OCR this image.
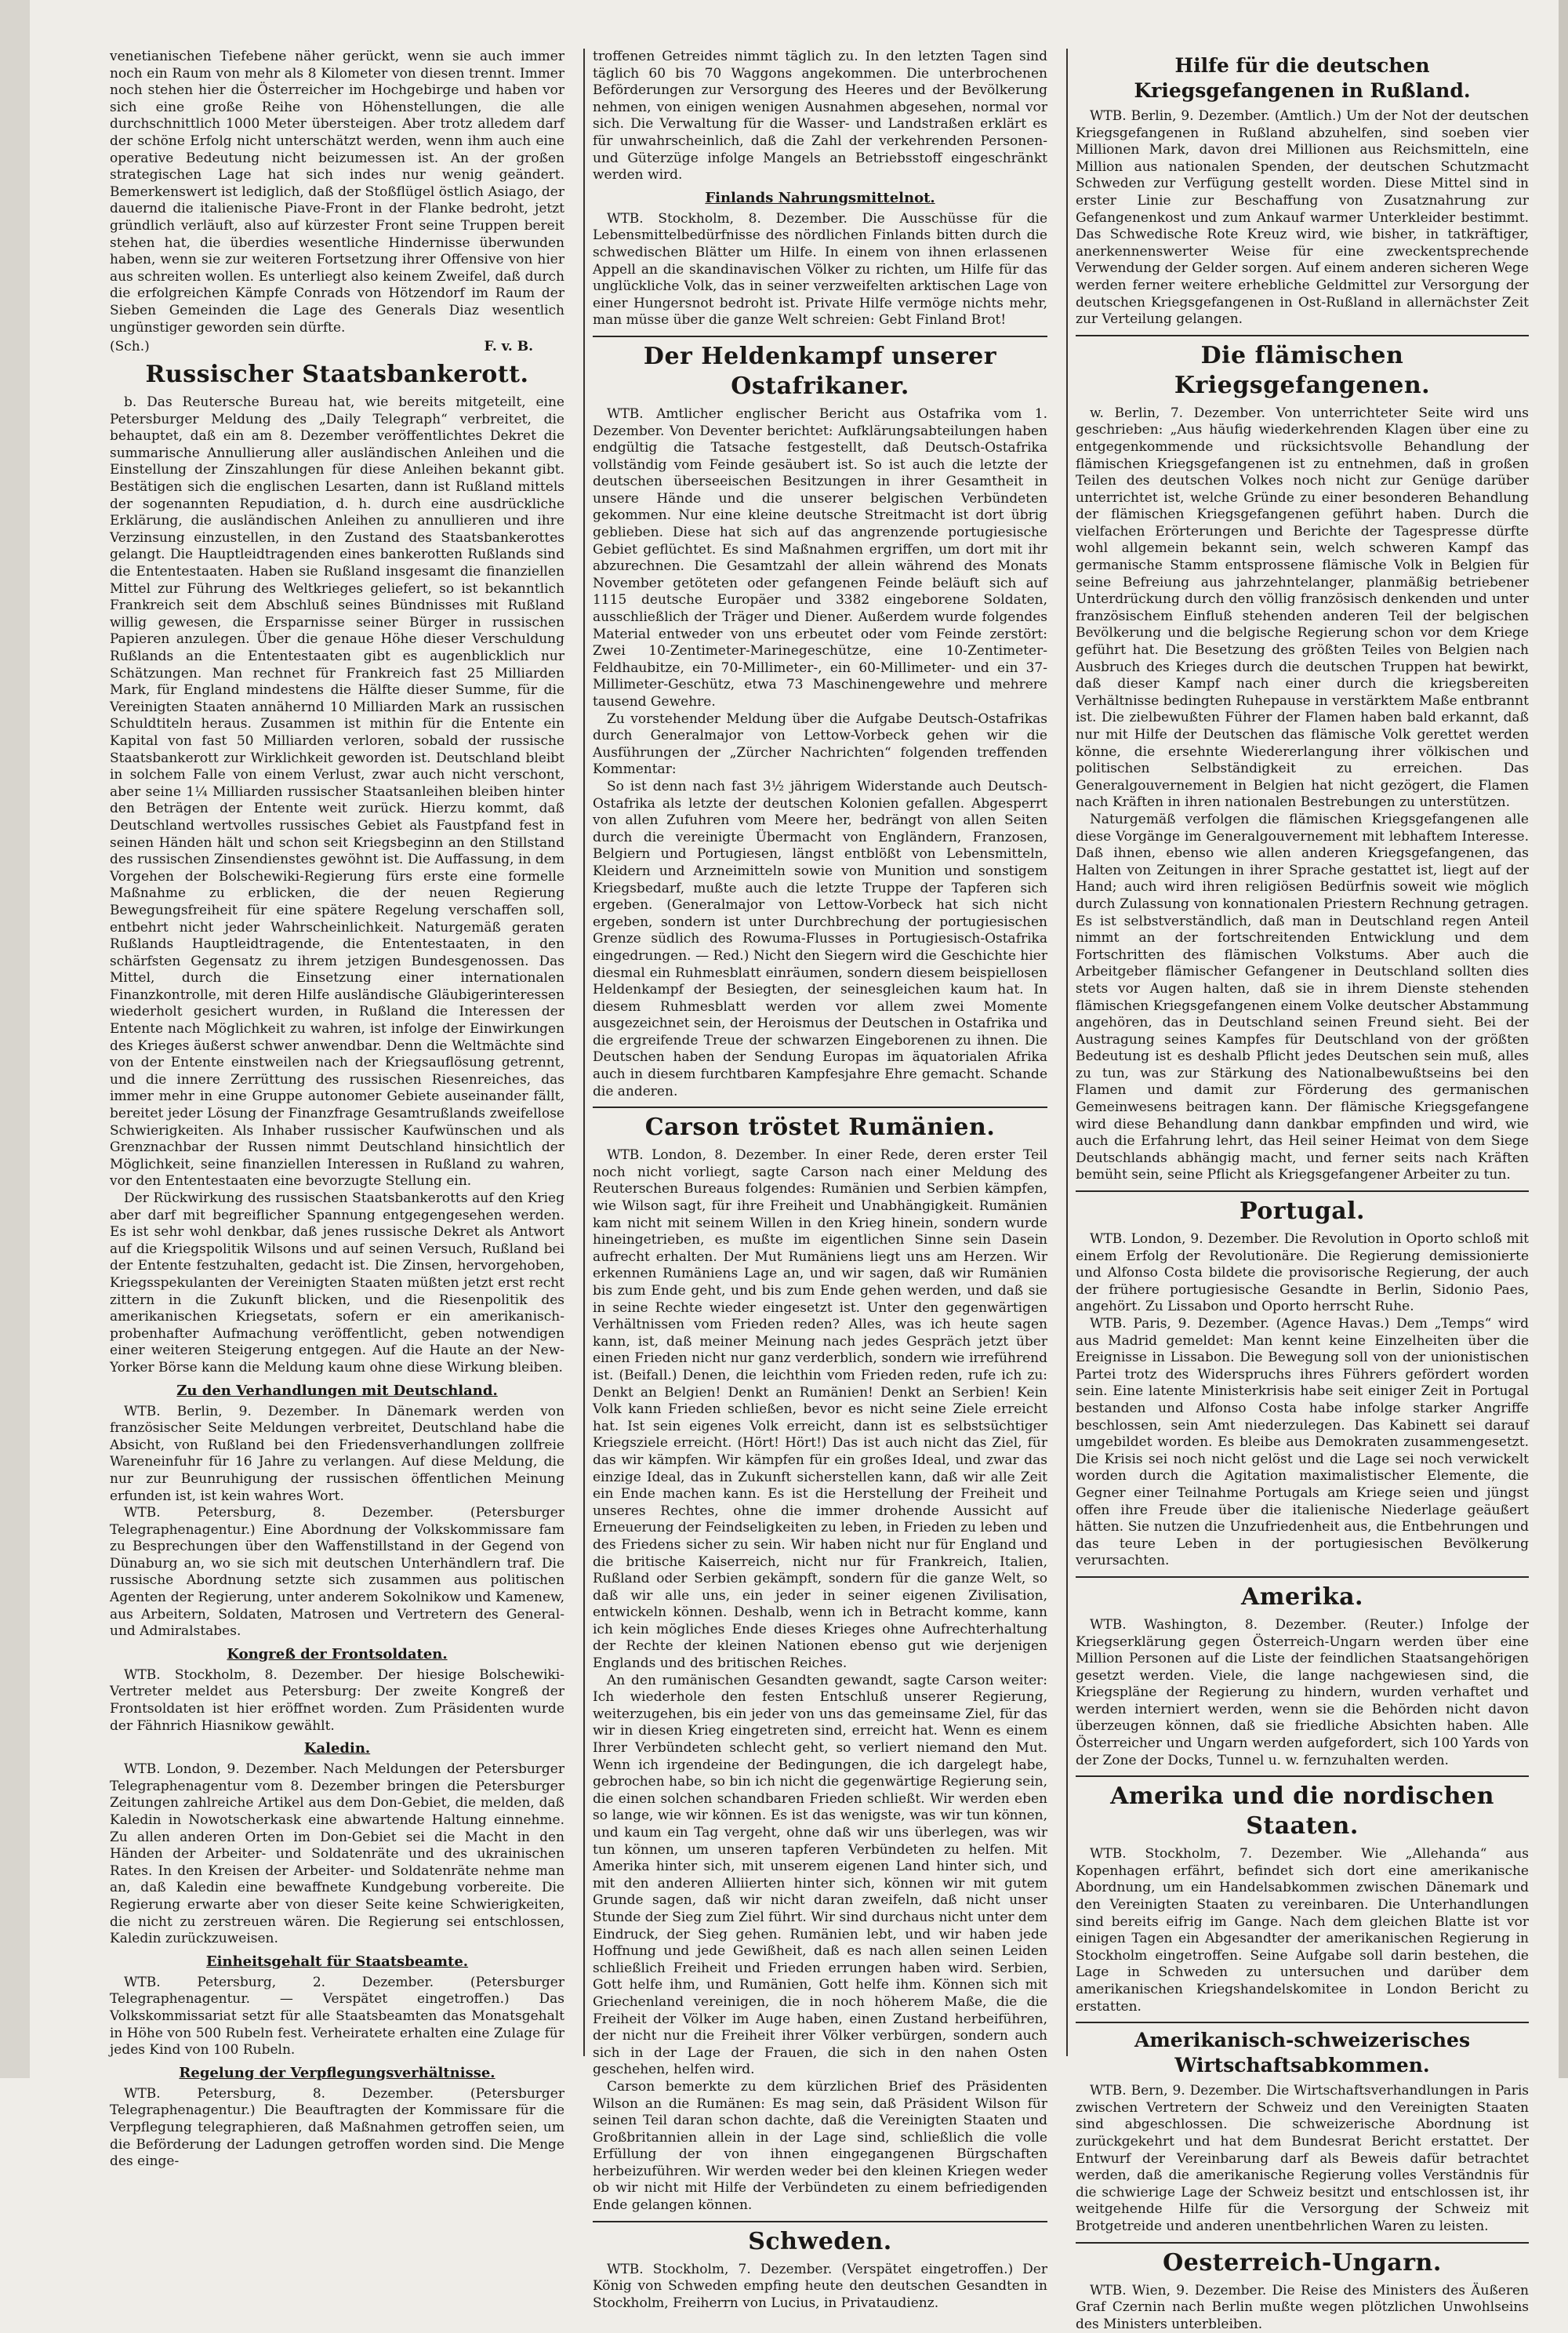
venetianischen Tiefebene näher gerückt, wenn sie auch immer noch ein Raum von mehr als 8 Kilometer von diesen trennt. Immer noch stehen hier die Österreicher im Hochgebirge und haben vor sich eine große Reihe von Höhenstellungen, die alle durchschnittlich 1000 Meter übersteigen. Aber trotz alledem darf der schöne Erfolg nicht unterschätzt werden, wenn ihm auch eine operative Bedeutung nicht beizumessen ist. An der großen strategischen Lage hat sich indes nur wenig geändert. Bemerkenswert ist lediglich, daß der Stoßflügel östlich Asiago, der dauernd die italienische Piave-Front in der Flanke bedroht, jetzt gründlich verläuft, also auf kürzester Front seine Truppen bereit stehen hat, die überdies wesentliche Hindernisse überwunden haben, wenn sie zur weiteren Fortsetzung ihrer Offensive von hier aus schreiten wollen. Es unterliegt also keinem Zweifel, daß durch die erfolgreichen Kämpfe Conrads von Hötzendorf im Raum der Sieben Gemeinden die Lage des Generals Diaz wesentlich ungünstiger geworden sein dürfte.

(Sch.)	F. v. B.
Russischer Staatsbankerott.

b. Das Reutersche Bureau hat, wie bereits mitgeteilt, eine Petersburger Meldung des „Daily Telegraph“ verbreitet, die behauptet, daß ein am 8. Dezember veröffentlichtes Dekret die summarische Annullierung aller ausländischen Anleihen und die Einstellung der Zinszahlungen für diese Anleihen bekannt gibt. Bestätigen sich die englischen Lesarten, dann ist Rußland mittels der sogenannten Repudiation, d. h. durch eine ausdrückliche Erklärung, die ausländischen Anleihen zu annullieren und ihre Verzinsung einzustellen, in den Zustand des Staatsbankerottes gelangt. Die Hauptleidtragenden eines bankerotten Rußlands sind die Ententestaaten. Haben sie Rußland insgesamt die finanziellen Mittel zur Führung des Weltkrieges geliefert, so ist bekanntlich Frankreich seit dem Abschluß seines Bündnisses mit Rußland willig gewesen, die Ersparnisse seiner Bürger in russischen Papieren anzulegen. Über die genaue Höhe dieser Verschuldung Rußlands an die Ententestaaten gibt es augenblicklich nur Schätzungen. Man rechnet für Frankreich fast 25 Milliarden Mark, für England mindestens die Hälfte dieser Summe, für die Vereinigten Staaten annähernd 10 Milliarden Mark an russischen Schuldtiteln heraus. Zusammen ist mithin für die Entente ein Kapital von fast 50 Milliarden verloren, sobald der russische Staatsbankerott zur Wirklichkeit geworden ist. Deutschland bleibt in solchem Falle von einem Verlust, zwar auch nicht verschont, aber seine 1¼ Milliarden russischer Staatsanleihen bleiben hinter den Beträgen der Entente weit zurück. Hierzu kommt, daß Deutschland wertvolles russisches Gebiet als Faustpfand fest in seinen Händen hält und schon seit Kriegsbeginn an den Stillstand des russischen Zinsendienstes gewöhnt ist. Die Auffassung, in dem Vorgehen der Bolschewiki-Regierung fürs erste eine formelle Maßnahme zu erblicken, die der neuen Regierung Bewegungsfreiheit für eine spätere Regelung verschaffen soll, entbehrt nicht jeder Wahrscheinlichkeit. Naturgemäß geraten Rußlands Hauptleidtragende, die Ententestaaten, in den schärfsten Gegensatz zu ihrem jetzigen Bundesgenossen. Das Mittel, durch die Einsetzung einer internationalen Finanzkontrolle, mit deren Hilfe ausländische Gläubigerinteressen wiederholt gesichert wurden, in Rußland die Interessen der Entente nach Möglichkeit zu wahren, ist infolge der Einwirkungen des Krieges äußerst schwer anwendbar. Denn die Weltmächte sind von der Entente einstweilen nach der Kriegsauflösung getrennt, und die innere Zerrüttung des russischen Riesenreiches, das immer mehr in eine Gruppe autonomer Gebiete auseinander fällt, bereitet jeder Lösung der Finanzfrage Gesamtrußlands zweifellose Schwierigkeiten. Als Inhaber russischer Kaufwünschen und als Grenznachbar der Russen nimmt Deutschland hinsichtlich der Möglichkeit, seine finanziellen Interessen in Rußland zu wahren, vor den Ententestaaten eine bevorzugte Stellung ein.

Der Rückwirkung des russischen Staatsbankerotts auf den Krieg aber darf mit begreiflicher Spannung entgegengesehen werden. Es ist sehr wohl denkbar, daß jenes russische Dekret als Antwort auf die Kriegspolitik Wilsons und auf seinen Versuch, Rußland bei der Entente festzuhalten, gedacht ist. Die Zinsen, hervorgehoben, Kriegsspekulanten der Vereinigten Staaten müßten jetzt erst recht zittern in die Zukunft blicken, und die Riesenpolitik des amerikanischen Kriegsetats, sofern er ein amerikanisch-probenhafter Aufmachung veröffentlicht, geben notwendigen einer weiteren Steigerung entgegen. Auf die Haute an der New-Yorker Börse kann die Meldung kaum ohne diese Wirkung bleiben.

Zu den Verhandlungen mit Deutschland.

WTB. Berlin, 9. Dezember. In Dänemark werden von französischer Seite Meldungen verbreitet, Deutschland habe die Absicht, von Rußland bei den Friedensverhandlungen zollfreie Wareneinfuhr für 16 Jahre zu verlangen. Auf diese Meldung, die nur zur Beunruhigung der russischen öffentlichen Meinung erfunden ist, ist kein wahres Wort.

WTB. Petersburg, 8. Dezember. (Petersburger Telegraphenagentur.) Eine Abordnung der Volkskommissare fam zu Besprechungen über den Waffenstillstand in der Gegend von Dünaburg an, wo sie sich mit deutschen Unterhändlern traf. Die russische Abordnung setzte sich zusammen aus politischen Agenten der Regierung, unter anderem Sokolnikow und Kamenew, aus Arbeitern, Soldaten, Matrosen und Vertretern des General- und Admiralstabes.

Kongreß der Frontsoldaten.

WTB. Stockholm, 8. Dezember. Der hiesige Bolschewiki-Vertreter meldet aus Petersburg: Der zweite Kongreß der Frontsoldaten ist hier eröffnet worden. Zum Präsidenten wurde der Fähnrich Hiasnikow gewählt.

Kaledin.

WTB. London, 9. Dezember. Nach Meldungen der Petersburger Telegraphenagentur vom 8. Dezember bringen die Petersburger Zeitungen zahlreiche Artikel aus dem Don-Gebiet, die melden, daß Kaledin in Nowotscherkask eine abwartende Haltung einnehme. Zu allen anderen Orten im Don-Gebiet sei die Macht in den Händen der Arbeiter- und Soldatenräte und des ukrainischen Rates. In den Kreisen der Arbeiter- und Soldatenräte nehme man an, daß Kaledin eine bewaffnete Kundgebung vorbereite. Die Regierung erwarte aber von dieser Seite keine Schwierigkeiten, die nicht zu zerstreuen wären. Die Regierung sei entschlossen, Kaledin zurückzuweisen.

Einheitsgehalt für Staatsbeamte.

WTB. Petersburg, 2. Dezember. (Petersburger Telegraphenagentur. — Verspätet eingetroffen.) Das Volkskommissariat setzt für alle Staatsbeamten das Monatsgehalt in Höhe von 500 Rubeln fest. Verheiratete erhalten eine Zulage für jedes Kind von 100 Rubeln.

Regelung der Verpflegungsverhältnisse.

WTB. Petersburg, 8. Dezember. (Petersburger Telegraphenagentur.) Die Beauftragten der Kommissare für die Verpflegung telegraphieren, daß Maßnahmen getroffen seien, um die Beförderung der Ladungen getroffen worden sind. Die Menge des einge-

troffenen Getreides nimmt täglich zu. In den letzten Tagen sind täglich 60 bis 70 Waggons angekommen. Die unterbrochenen Beförderungen zur Versorgung des Heeres und der Bevölkerung nehmen, von einigen wenigen Ausnahmen abgesehen, normal vor sich. Die Verwaltung für die Wasser- und Landstraßen erklärt es für unwahrscheinlich, daß die Zahl der verkehrenden Personen- und Güterzüge infolge Mangels an Betriebsstoff eingeschränkt werden wird.

Finlands Nahrungsmittelnot.

WTB. Stockholm, 8. Dezember. Die Ausschüsse für die Lebensmittelbedürfnisse des nördlichen Finlands bitten durch die schwedischen Blätter um Hilfe. In einem von ihnen erlassenen Appell an die skandinavischen Völker zu richten, um Hilfe für das unglückliche Volk, das in seiner verzweifelten arktischen Lage von einer Hungersnot bedroht ist. Private Hilfe vermöge nichts mehr, man müsse über die ganze Welt schreien: Gebt Finland Brot!

Der Heldenkampf unserer Ostafrikaner.

WTB. Amtlicher englischer Bericht aus Ostafrika vom 1. Dezember. Von Deventer berichtet: Aufklärungsabteilungen haben endgültig die Tatsache festgestellt, daß Deutsch-Ostafrika vollständig vom Feinde gesäubert ist. So ist auch die letzte der deutschen überseeischen Besitzungen in ihrer Gesamtheit in unsere Hände und die unserer belgischen Verbündeten gekommen. Nur eine kleine deutsche Streitmacht ist dort übrig geblieben. Diese hat sich auf das angrenzende portugiesische Gebiet geflüchtet. Es sind Maßnahmen ergriffen, um dort mit ihr abzurechnen. Die Gesamtzahl der allein während des Monats November getöteten oder gefangenen Feinde beläuft sich auf 1115 deutsche Europäer und 3382 eingeborene Soldaten, ausschließlich der Träger und Diener. Außerdem wurde folgendes Material entweder von uns erbeutet oder vom Feinde zerstört: Zwei 10-Zentimeter-Marinegeschütze, eine 10-Zentimeter-Feldhaubitze, ein 70-Millimeter-, ein 60-Millimeter- und ein 37-Millimeter-Geschütz, etwa 73 Maschinengewehre und mehrere tausend Gewehre.

Zu vorstehender Meldung über die Aufgabe Deutsch-Ostafrikas durch Generalmajor von Lettow-Vorbeck gehen wir die Ausführungen der „Zürcher Nachrichten“ folgenden treffenden Kommentar:

So ist denn nach fast 3½ jährigem Widerstande auch Deutsch-Ostafrika als letzte der deutschen Kolonien gefallen. Abgesperrt von allen Zufuhren vom Meere her, bedrängt von allen Seiten durch die vereinigte Übermacht von Engländern, Franzosen, Belgiern und Portugiesen, längst entblößt von Lebensmitteln, Kleidern und Arzneimitteln sowie von Munition und sonstigem Kriegsbedarf, mußte auch die letzte Truppe der Tapferen sich ergeben. (Generalmajor von Lettow-Vorbeck hat sich nicht ergeben, sondern ist unter Durchbrechung der portugiesischen Grenze südlich des Rowuma-Flusses in Portugiesisch-Ostafrika eingedrungen. — Red.) Nicht den Siegern wird die Geschichte hier diesmal ein Ruhmesblatt einräumen, sondern diesem beispiellosen Heldenkampf der Besiegten, der seinesgleichen kaum hat. In diesem Ruhmesblatt werden vor allem zwei Momente ausgezeichnet sein, der Heroismus der Deutschen in Ostafrika und die ergreifende Treue der schwarzen Eingeborenen zu ihnen. Die Deutschen haben der Sendung Europas im äquatorialen Afrika auch in diesem furchtbaren Kampfesjahre Ehre gemacht. Schande die anderen.

Carson tröstet Rumänien.

WTB. London, 8. Dezember. In einer Rede, deren erster Teil noch nicht vorliegt, sagte Carson nach einer Meldung des Reuterschen Bureaus folgendes: Rumänien und Serbien kämpfen, wie Wilson sagt, für ihre Freiheit und Unabhängigkeit. Rumänien kam nicht mit seinem Willen in den Krieg hinein, sondern wurde hineingetrieben, es mußte im eigentlichen Sinne sein Dasein aufrecht erhalten. Der Mut Rumäniens liegt uns am Herzen. Wir erkennen Rumäniens Lage an, und wir sagen, daß wir Rumänien bis zum Ende geht, und bis zum Ende gehen werden, und daß sie in seine Rechte wieder eingesetzt ist. Unter den gegenwärtigen Verhältnissen vom Frieden reden? Alles, was ich heute sagen kann, ist, daß meiner Meinung nach jedes Gespräch jetzt über einen Frieden nicht nur ganz verderblich, sondern wie irreführend ist. (Beifall.) Denen, die leichthin vom Frieden reden, rufe ich zu: Denkt an Belgien! Denkt an Rumänien! Denkt an Serbien! Kein Volk kann Frieden schließen, bevor es nicht seine Ziele erreicht hat. Ist sein eigenes Volk erreicht, dann ist es selbstsüchtiger Kriegsziele erreicht. (Hört! Hört!) Das ist auch nicht das Ziel, für das wir kämpfen. Wir kämpfen für ein großes Ideal, und zwar das einzige Ideal, das in Zukunft sicherstellen kann, daß wir alle Zeit ein Ende machen kann. Es ist die Herstellung der Freiheit und unseres Rechtes, ohne die immer drohende Aussicht auf Erneuerung der Feindseligkeiten zu leben, in Frieden zu leben und des Friedens sicher zu sein. Wir haben nicht nur für England und die britische Kaiserreich, nicht nur für Frankreich, Italien, Rußland oder Serbien gekämpft, sondern für die ganze Welt, so daß wir alle uns, ein jeder in seiner eigenen Zivilisation, entwickeln können. Deshalb, wenn ich in Betracht komme, kann ich kein mögliches Ende dieses Krieges ohne Aufrechterhaltung der Rechte der kleinen Nationen ebenso gut wie derjenigen Englands und des britischen Reiches.

An den rumänischen Gesandten gewandt, sagte Carson weiter: Ich wiederhole den festen Entschluß unserer Regierung, weiterzugehen, bis ein jeder von uns das gemeinsame Ziel, für das wir in diesen Krieg eingetreten sind, erreicht hat. Wenn es einem Ihrer Verbündeten schlecht geht, so verliert niemand den Mut. Wenn ich irgendeine der Bedingungen, die ich dargelegt habe, gebrochen habe, so bin ich nicht die gegenwärtige Regierung sein, die einen solchen schandbaren Frieden schließt. Wir werden eben so lange, wie wir können. Es ist das wenigste, was wir tun können, und kaum ein Tag vergeht, ohne daß wir uns überlegen, was wir tun können, um unseren tapferen Verbündeten zu helfen. Mit Amerika hinter sich, mit unserem eigenen Land hinter sich, und mit den anderen Alliierten hinter sich, können wir mit gutem Grunde sagen, daß wir nicht daran zweifeln, daß nicht unser Stunde der Sieg zum Ziel führt. Wir sind durchaus nicht unter dem Eindruck, der Sieg gehen. Rumänien lebt, und wir haben jede Hoffnung und jede Gewißheit, daß es nach allen seinen Leiden schließlich Freiheit und Frieden errungen haben wird. Serbien, Gott helfe ihm, und Rumänien, Gott helfe ihm. Können sich mit Griechenland vereinigen, die in noch höherem Maße, die die Freiheit der Völker im Auge haben, einen Zustand herbeiführen, der nicht nur die Freiheit ihrer Völker verbürgen, sondern auch sich in der Lage der Frauen, die sich in den nahen Osten geschehen, helfen wird.

Carson bemerkte zu dem kürzlichen Brief des Präsidenten Wilson an die Rumänen: Es mag sein, daß Präsident Wilson für seinen Teil daran schon dachte, daß die Vereinigten Staaten und Großbritannien allein in der Lage sind, schließlich die volle Erfüllung der von ihnen eingegangenen Bürgschaften herbeizuführen. Wir werden weder bei den kleinen Kriegen weder ob wir nicht mit Hilfe der Verbündeten zu einem befriedigenden Ende gelangen können.

Schweden.

WTB. Stockholm, 7. Dezember. (Verspätet eingetroffen.) Der König von Schweden empfing heute den deutschen Gesandten in Stockholm, Freiherrn von Lucius, in Privataudienz.

Hilfe für die deutschen Kriegsgefangenen in Rußland.

WTB. Berlin, 9. Dezember. (Amtlich.) Um der Not der deutschen Kriegsgefangenen in Rußland abzuhelfen, sind soeben vier Millionen Mark, davon drei Millionen aus Reichsmitteln, eine Million aus nationalen Spenden, der deutschen Schutzmacht Schweden zur Verfügung gestellt worden. Diese Mittel sind in erster Linie zur Beschaffung von Zusatznahrung zur Gefangenenkost und zum Ankauf warmer Unterkleider bestimmt. Das Schwedische Rote Kreuz wird, wie bisher, in tatkräftiger, anerkennenswerter Weise für eine zweckentsprechende Verwendung der Gelder sorgen. Auf einem anderen sicheren Wege werden ferner weitere erhebliche Geldmittel zur Versorgung der deutschen Kriegsgefangenen in Ost-Rußland in allernächster Zeit zur Verteilung gelangen.

Die flämischen Kriegsgefangenen.

w. Berlin, 7. Dezember. Von unterrichteter Seite wird uns geschrieben: „Aus häufig wiederkehrenden Klagen über eine zu entgegenkommende und rücksichtsvolle Behandlung der flämischen Kriegsgefangenen ist zu entnehmen, daß in großen Teilen des deutschen Volkes noch nicht zur Genüge darüber unterrichtet ist, welche Gründe zu einer besonderen Behandlung der flämischen Kriegsgefangenen geführt haben. Durch die vielfachen Erörterungen und Berichte der Tagespresse dürfte wohl allgemein bekannt sein, welch schweren Kampf das germanische Stamm entsprossene flämische Volk in Belgien für seine Befreiung aus jahrzehntelanger, planmäßig betriebener Unterdrückung durch den völlig französisch denkenden und unter französischem Einfluß stehenden anderen Teil der belgischen Bevölkerung und die belgische Regierung schon vor dem Kriege geführt hat. Die Besetzung des größten Teiles von Belgien nach Ausbruch des Krieges durch die deutschen Truppen hat bewirkt, daß dieser Kampf nach einer durch die kriegsbereiten Verhältnisse bedingten Ruhepause in verstärktem Maße entbrannt ist. Die zielbewußten Führer der Flamen haben bald erkannt, daß nur mit Hilfe der Deutschen das flämische Volk gerettet werden könne, die ersehnte Wiedererlangung ihrer völkischen und politischen Selbständigkeit zu erreichen. Das Generalgouvernement in Belgien hat nicht gezögert, die Flamen nach Kräften in ihren nationalen Bestrebungen zu unterstützen.

Naturgemäß verfolgen die flämischen Kriegsgefangenen alle diese Vorgänge im Generalgouvernement mit lebhaftem Interesse. Daß ihnen, ebenso wie allen anderen Kriegsgefangenen, das Halten von Zeitungen in ihrer Sprache gestattet ist, liegt auf der Hand; auch wird ihren religiösen Bedürfnis soweit wie möglich durch Zulassung von konnationalen Priestern Rechnung getragen. Es ist selbstverständlich, daß man in Deutschland regen Anteil nimmt an der fortschreitenden Entwicklung und dem Fortschritten des flämischen Volkstums. Aber auch die Arbeitgeber flämischer Gefangener in Deutschland sollten dies stets vor Augen halten, daß sie in ihrem Dienste stehenden flämischen Kriegsgefangenen einem Volke deutscher Abstammung angehören, das in Deutschland seinen Freund sieht. Bei der Austragung seines Kampfes für Deutschland von der größten Bedeutung ist es deshalb Pflicht jedes Deutschen sein muß, alles zu tun, was zur Stärkung des Nationalbewußtseins bei den Flamen und damit zur Förderung des germanischen Gemeinwesens beitragen kann. Der flämische Kriegsgefangene wird diese Behandlung dann dankbar empfinden und wird, wie auch die Erfahrung lehrt, das Heil seiner Heimat von dem Siege Deutschlands abhängig macht, und ferner seits nach Kräften bemüht sein, seine Pflicht als Kriegsgefangener Arbeiter zu tun.

Portugal.

WTB. London, 9. Dezember. Die Revolution in Oporto schloß mit einem Erfolg der Revolutionäre. Die Regierung demissionierte und Alfonso Costa bildete die provisorische Regierung, der auch der frühere portugiesische Gesandte in Berlin, Sidonio Paes, angehört. Zu Lissabon und Oporto herrscht Ruhe.

WTB. Paris, 9. Dezember. (Agence Havas.) Dem „Temps“ wird aus Madrid gemeldet: Man kennt keine Einzelheiten über die Ereignisse in Lissabon. Die Bewegung soll von der unionistischen Partei trotz des Widerspruchs ihres Führers gefördert worden sein. Eine latente Ministerkrisis habe seit einiger Zeit in Portugal bestanden und Alfonso Costa habe infolge starker Angriffe beschlossen, sein Amt niederzulegen. Das Kabinett sei darauf umgebildet worden. Es bleibe aus Demokraten zusammengesetzt. Die Krisis sei noch nicht gelöst und die Lage sei noch verwickelt worden durch die Agitation maximalistischer Elemente, die Gegner einer Teilnahme Portugals am Kriege seien und jüngst offen ihre Freude über die italienische Niederlage geäußert hätten. Sie nutzen die Unzufriedenheit aus, die Entbehrungen und das teure Leben in der portugiesischen Bevölkerung verursachten.

Amerika.

WTB. Washington, 8. Dezember. (Reuter.) Infolge der Kriegserklärung gegen Österreich-Ungarn werden über eine Million Personen auf die Liste der feindlichen Staatsangehörigen gesetzt werden. Viele, die lange nachgewiesen sind, die Kriegspläne der Regierung zu hindern, wurden verhaftet und werden interniert werden, wenn sie die Behörden nicht davon überzeugen können, daß sie friedliche Absichten haben. Alle Österreicher und Ungarn werden aufgefordert, sich 100 Yards von der Zone der Docks, Tunnel u. w. fernzuhalten werden.

Amerika und die nordischen Staaten.

WTB. Stockholm, 7. Dezember. Wie „Allehanda“ aus Kopenhagen erfährt, befindet sich dort eine amerikanische Abordnung, um ein Handelsabkommen zwischen Dänemark und den Vereinigten Staaten zu vereinbaren. Die Unterhandlungen sind bereits eifrig im Gange. Nach dem gleichen Blatte ist vor einigen Tagen ein Abgesandter der amerikanischen Regierung in Stockholm eingetroffen. Seine Aufgabe soll darin bestehen, die Lage in Schweden zu untersuchen und darüber dem amerikanischen Kriegshandelskomitee in London Bericht zu erstatten.

Amerikanisch-schweizerisches Wirtschaftsabkommen.

WTB. Bern, 9. Dezember. Die Wirtschaftsverhandlungen in Paris zwischen Vertretern der Schweiz und den Vereinigten Staaten sind abgeschlossen. Die schweizerische Abordnung ist zurückgekehrt und hat dem Bundesrat Bericht erstattet. Der Entwurf der Vereinbarung darf als Beweis dafür betrachtet werden, daß die amerikanische Regierung volles Verständnis für die schwierige Lage der Schweiz besitzt und entschlossen ist, ihr weitgehende Hilfe für die Versorgung der Schweiz mit Brotgetreide und anderen unentbehrlichen Waren zu leisten.

Oesterreich-Ungarn.

WTB. Wien, 9. Dezember. Die Reise des Ministers des Äußeren Graf Czernin nach Berlin mußte wegen plötzlichen Unwohlseins des Ministers unterbleiben.
